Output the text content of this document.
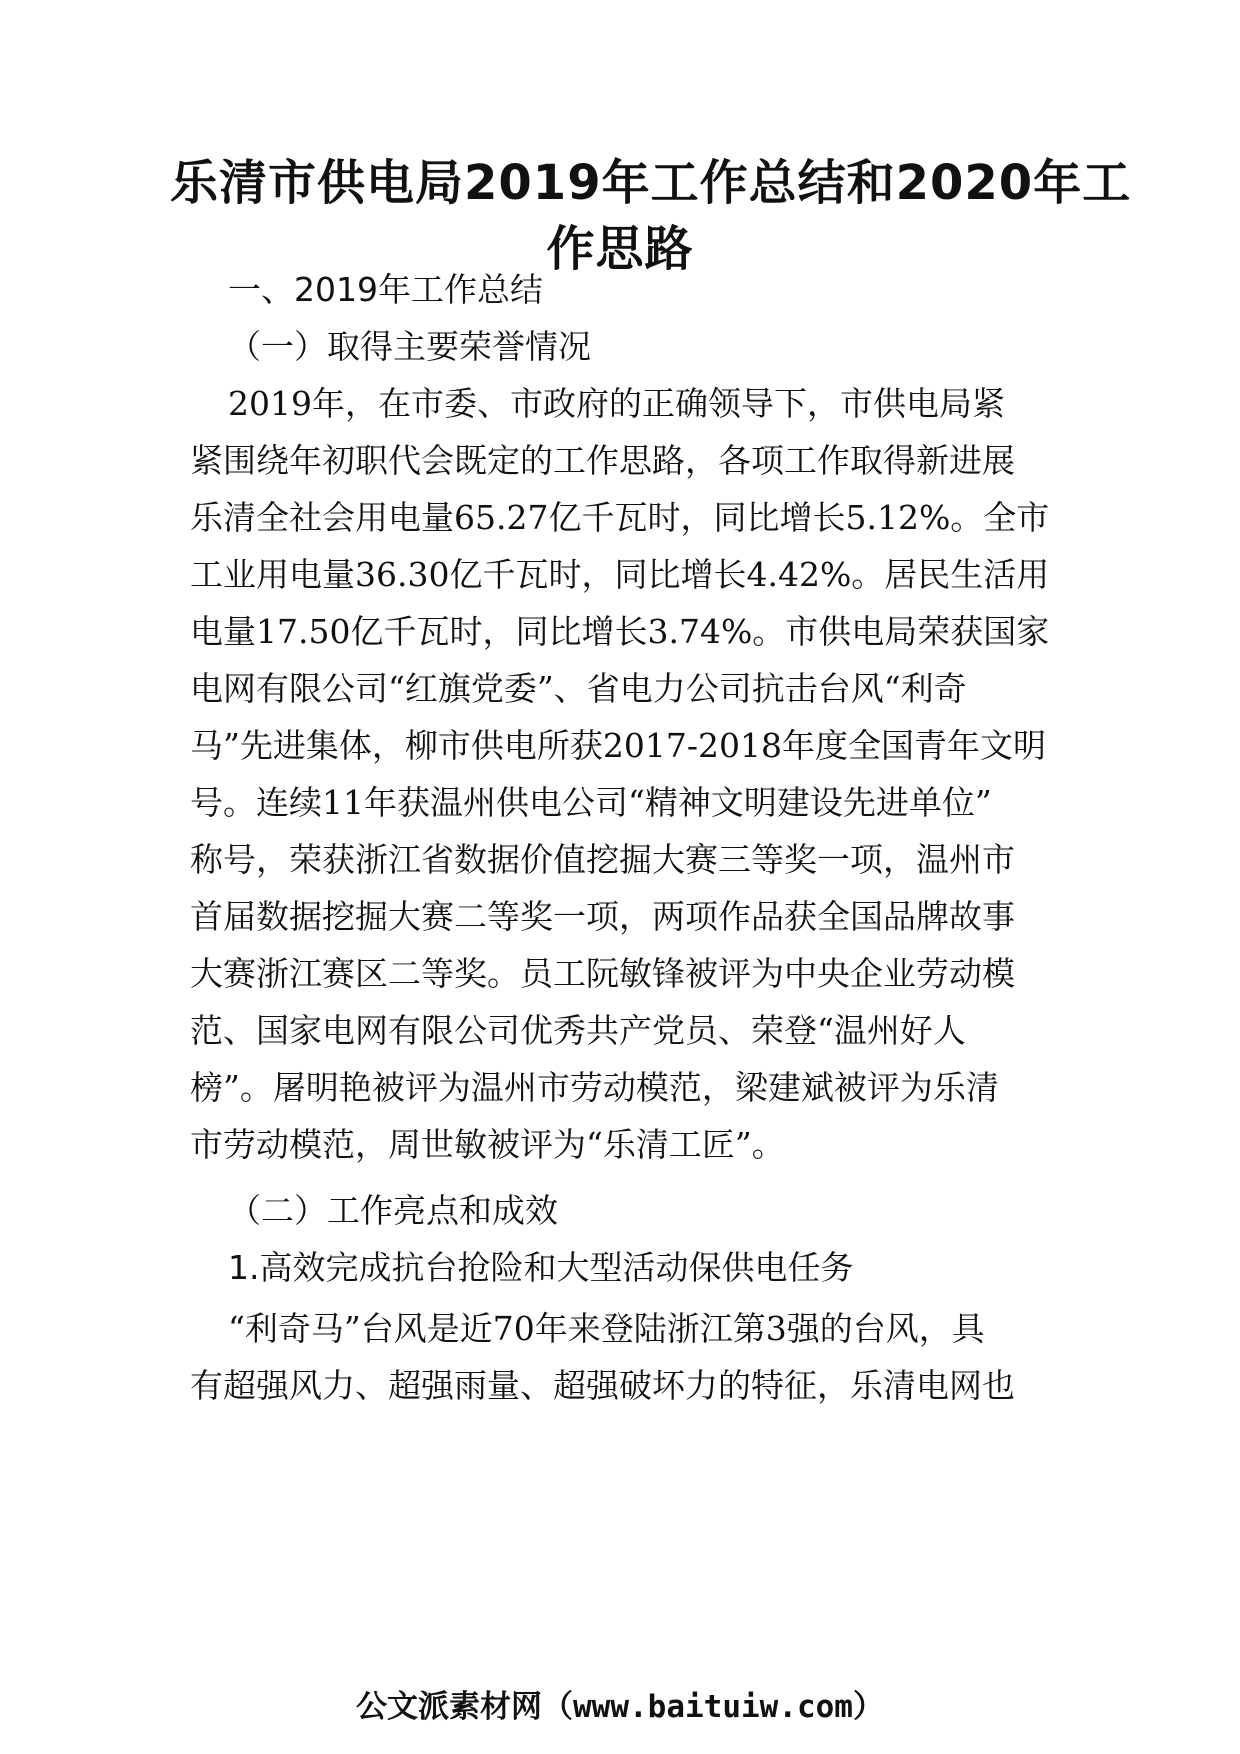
乐清市供电局2019年工作总结和2020年工
作思路

一、2019年工作总结

（一）取得主要荣誉情况

2019年，在市委、市政府的正确领导下，市供电局紧

紧围绕年初职代会既定的工作思路，各项工作取得新进展

乐清全社会用电量65.27亿千瓦时，同比增长5.12%。全市

工业用电量36.30亿千瓦时，同比增长4.42%。居民生活用

电量17.50亿千瓦时，同比增长3.74%。市供电局荣获国家

电网有限公司“红旗党委”、省电力公司抗击台风“利奇

马”先进集体，柳市供电所获2017-2018年度全国青年文明

号。连续11年获温州供电公司“精神文明建设先进单位”

称号，荣获浙江省数据价值挖掘大赛三等奖一项，温州市

首届数据挖掘大赛二等奖一项，两项作品获全国品牌故事

大赛浙江赛区二等奖。员工阮敏锋被评为中央企业劳动模

范、国家电网有限公司优秀共产党员、荣登“温州好人

榜”。屠明艳被评为温州市劳动模范，梁建斌被评为乐清

市劳动模范，周世敏被评为“乐清工匠”。

（二）工作亮点和成效

1.高效完成抗台抢险和大型活动保供电任务

“利奇马”台风是近70年来登陆浙江第3强的台风，具

有超强风力、超强雨量、超强破坏力的特征，乐清电网也

公文派素材网（www.baituiw.com）
